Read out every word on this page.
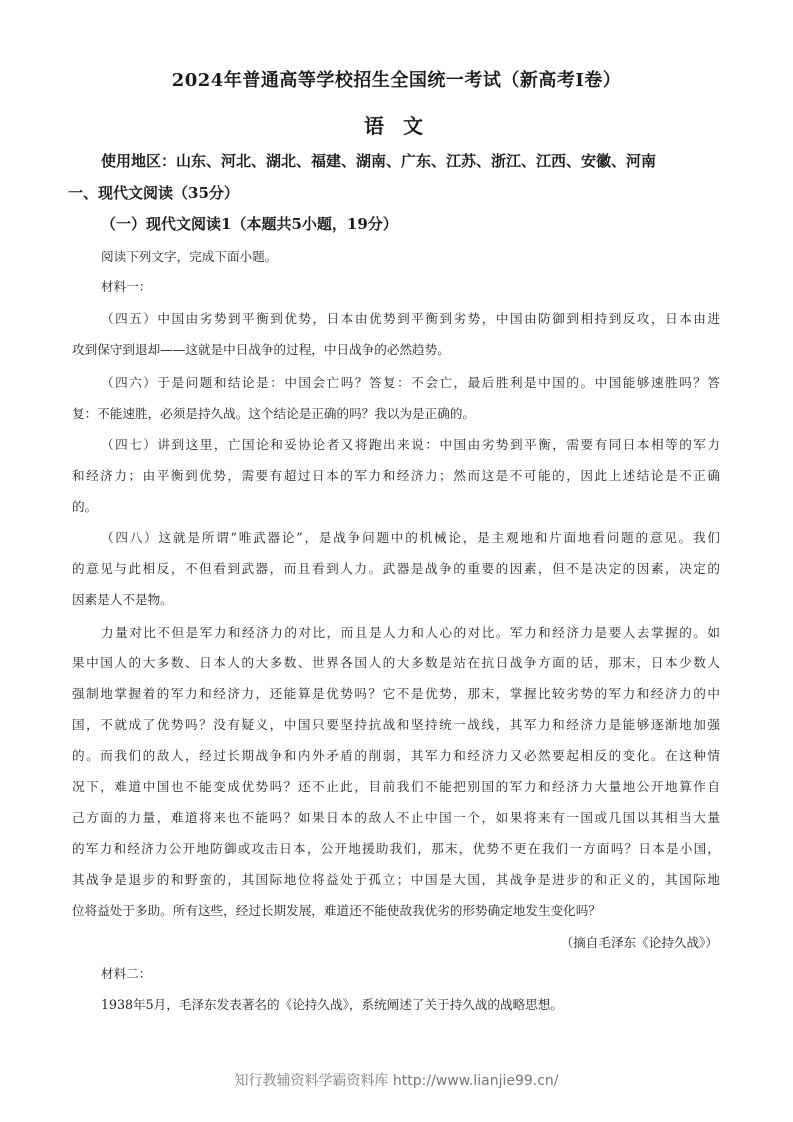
2024年普通高等学校招生全国统一考试（新高考Ⅰ卷）
语 文
使用地区：山东、河北、湖北、福建、湖南、广东、江苏、浙江、江西、安徽、河南
一、现代文阅读（35分）
（一）现代文阅读1（本题共5小题，19分）
阅读下列文字，完成下面小题。
材料一：
（四五）中国由劣势到平衡到优势，日本由优势到平衡到劣势，中国由防御到相持到反攻，日本由进
攻到保守到退却——这就是中日战争的过程，中日战争的必然趋势。
（四六）于是问题和结论是：中国会亡吗？答复：不会亡，最后胜利是中国的。中国能够速胜吗？答
复：不能速胜，必须是持久战。这个结论是正确的吗？我以为是正确的。
（四七）讲到这里，亡国论和妥协论者又将跑出来说：中国由劣势到平衡，需要有同日本相等的军力
和经济力；由平衡到优势，需要有超过日本的军力和经济力；然而这是不可能的，因此上述结论是不正确
的。
（四八）这就是所谓“唯武器论”，是战争问题中的机械论，是主观地和片面地看问题的意见。我们
的意见与此相反，不但看到武器，而且看到人力。武器是战争的重要的因素，但不是决定的因素，决定的
因素是人不是物。
力量对比不但是军力和经济力的对比，而且是人力和人心的对比。军力和经济力是要人去掌握的。如
果中国人的大多数、日本人的大多数、世界各国人的大多数是站在抗日战争方面的话，那末，日本少数人
强制地掌握着的军力和经济力，还能算是优势吗？它不是优势，那末，掌握比较劣势的军力和经济力的中
国，不就成了优势吗？没有疑义，中国只要坚持抗战和坚持统一战线，其军力和经济力是能够逐渐地加强
的。而我们的敌人，经过长期战争和内外矛盾的削弱，其军力和经济力又必然要起相反的变化。在这种情
况下，难道中国也不能变成优势吗？还不止此，目前我们不能把别国的军力和经济力大量地公开地算作自
己方面的力量，难道将来也不能吗？如果日本的敌人不止中国一个，如果将来有一国或几国以其相当大量
的军力和经济力公开地防御或攻击日本，公开地援助我们，那末，优势不更在我们一方面吗？日本是小国，
其战争是退步的和野蛮的，其国际地位将益处于孤立；中国是大国，其战争是进步的和正义的，其国际地
位将益处于多助。所有这些，经过长期发展，难道还不能使敌我优劣的形势确定地发生变化吗？
（摘自毛泽东《论持久战》）
材料二：
1938年5月，毛泽东发表著名的《论持久战》，系统阐述了关于持久战的战略思想。
知行教辅资料学霸资料库 http://www.lianjie99.cn/
